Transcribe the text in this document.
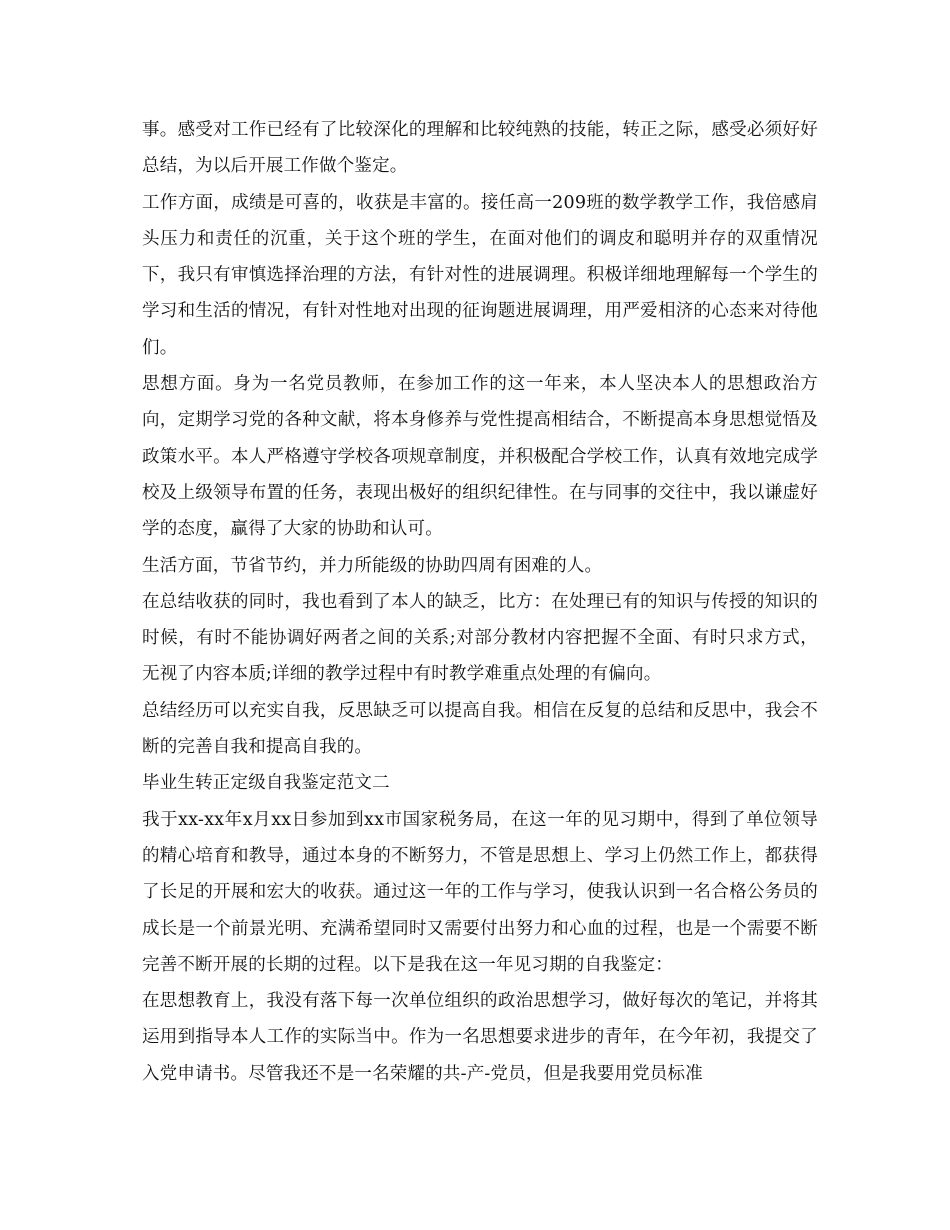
事。感受对工作已经有了比较深化的理解和比较纯熟的技能，转正之际，感受必须好好总结，为以后开展工作做个鉴定。

工作方面，成绩是可喜的，收获是丰富的。接任高一209班的数学教学工作，我倍感肩头压力和责任的沉重，关于这个班的学生，在面对他们的调皮和聪明并存的双重情况下，我只有审慎选择治理的方法，有针对性的进展调理。积极详细地理解每一个学生的学习和生活的情况，有针对性地对出现的征询题进展调理，用严爱相济的心态来对待他们。

思想方面。身为一名党员教师，在参加工作的这一年来，本人坚决本人的思想政治方向，定期学习党的各种文献，将本身修养与党性提高相结合，不断提高本身思想觉悟及政策水平。本人严格遵守学校各项规章制度，并积极配合学校工作，认真有效地完成学校及上级领导布置的任务，表现出极好的组织纪律性。在与同事的交往中，我以谦虚好学的态度，赢得了大家的协助和认可。

生活方面，节省节约，并力所能级的协助四周有困难的人。

在总结收获的同时，我也看到了本人的缺乏，比方：在处理已有的知识与传授的知识的时候，有时不能协调好两者之间的关系;对部分教材内容把握不全面、有时只求方式，无视了内容本质;详细的教学过程中有时教学难重点处理的有偏向。

总结经历可以充实自我，反思缺乏可以提高自我。相信在反复的总结和反思中，我会不断的完善自我和提高自我的。

毕业生转正定级自我鉴定范文二

我于xx-xx年x月xx日参加到xx市国家税务局，在这一年的见习期中，得到了单位领导的精心培育和教导，通过本身的不断努力，不管是思想上、学习上仍然工作上，都获得了长足的开展和宏大的收获。通过这一年的工作与学习，使我认识到一名合格公务员的成长是一个前景光明、充满希望同时又需要付出努力和心血的过程，也是一个需要不断完善不断开展的长期的过程。以下是我在这一年见习期的自我鉴定：

在思想教育上，我没有落下每一次单位组织的政治思想学习，做好每次的笔记，并将其运用到指导本人工作的实际当中。作为一名思想要求进步的青年，在今年初，我提交了入党申请书。尽管我还不是一名荣耀的共-产-党员，但是我要用党员标准
